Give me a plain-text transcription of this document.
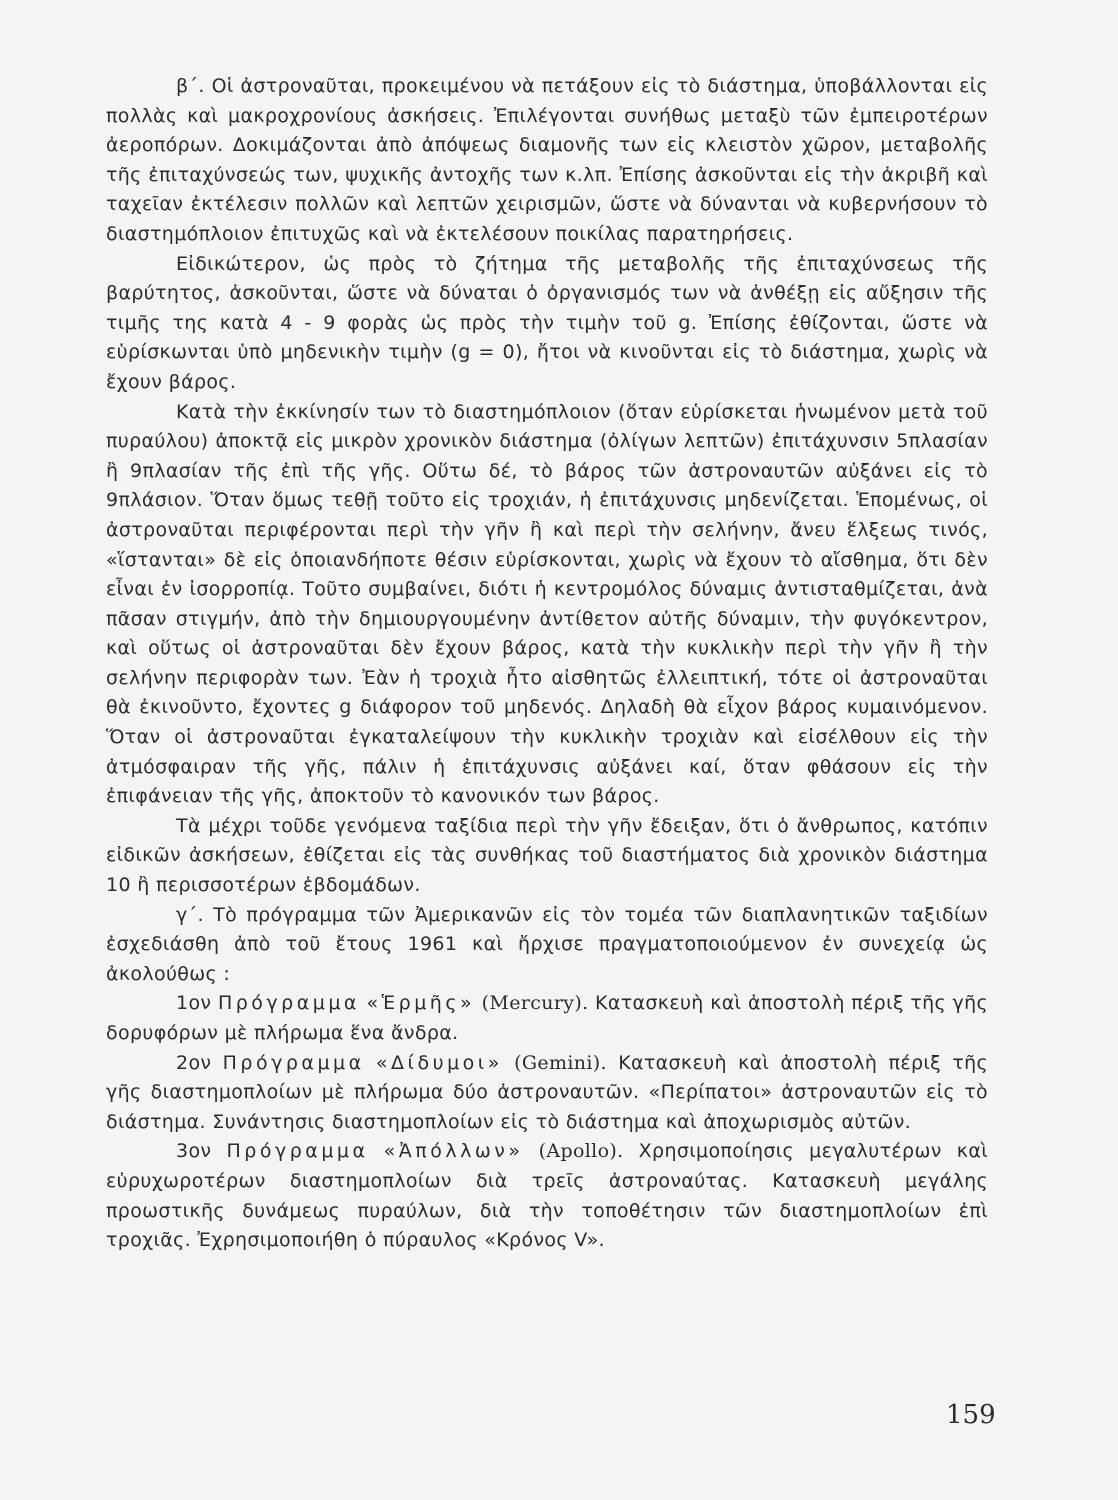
β΄. Οἱ ἀστροναῦται, προκειμένου νὰ πετάξουν εἰς τὸ διάστημα, ὑποβάλλονται εἰς πολλὰς καὶ μακροχρονίους ἀσκήσεις. Ἐπιλέγονται συνήθως μεταξὺ τῶν ἐμπειροτέρων ἀεροπόρων. Δοκιμάζονται ἀπὸ ἀπόψεως διαμονῆς των εἰς κλειστὸν χῶρον, μεταβολῆς τῆς ἐπιταχύνσεώς των, ψυχικῆς ἀντοχῆς των κ.λπ. Ἐπίσης ἀσκοῦνται εἰς τὴν ἀκριβῆ καὶ ταχεῖαν ἐκτέλεσιν πολλῶν καὶ λεπτῶν χειρισμῶν, ὥστε νὰ δύνανται νὰ κυβερνήσουν τὸ διαστημόπλοιον ἐπιτυχῶς καὶ νὰ ἐκτελέσουν ποικίλας παρατηρήσεις.

Εἰδικώτερον, ὡς πρὸς τὸ ζήτημα τῆς μεταβολῆς τῆς ἐπιταχύνσεως τῆς βαρύτητος, ἀσκοῦνται, ὥστε νὰ δύναται ὁ ὀργανισμός των νὰ ἀνθέξῃ εἰς αὔξησιν τῆς τιμῆς της κατὰ 4 - 9 φορὰς ὡς πρὸς τὴν τιμὴν τοῦ g. Ἐπίσης ἐθίζονται, ὥστε νὰ εὑρίσκωνται ὑπὸ μηδενικὴν τιμὴν (g = 0), ἤτοι νὰ κινοῦνται εἰς τὸ διάστημα, χωρὶς νὰ ἔχουν βάρος.

Κατὰ τὴν ἐκκίνησίν των τὸ διαστημόπλοιον (ὅταν εὑρίσκεται ἡνωμένον μετὰ τοῦ πυραύλου) ἀποκτᾷ εἰς μικρὸν χρονικὸν διάστημα (ὀλίγων λεπτῶν) ἐπιτάχυνσιν 5πλασίαν ἢ 9πλασίαν τῆς ἐπὶ τῆς γῆς. Οὕτω δέ, τὸ βάρος τῶν ἀστροναυτῶν αὐξάνει εἰς τὸ 9πλάσιον. Ὅταν ὅμως τεθῇ τοῦτο εἰς τροχιάν, ἡ ἐπιτάχυνσις μηδενίζεται. Ἑπομένως, οἱ ἀστροναῦται περιφέρονται περὶ τὴν γῆν ἢ καὶ περὶ τὴν σελήνην, ἄνευ ἕλξεως τινός, «ἵστανται» δὲ εἰς ὁποιανδήποτε θέσιν εὑρίσκονται, χωρὶς νὰ ἔχουν τὸ αἴσθημα, ὅτι δὲν εἶναι ἐν ἰσορροπίᾳ. Τοῦτο συμβαίνει, διότι ἡ κεντρομόλος δύναμις ἀντισταθμίζεται, ἀνὰ πᾶσαν στιγμήν, ἀπὸ τὴν δημιουργουμένην ἀντίθετον αὐτῆς δύναμιν, τὴν φυγόκεντρον, καὶ οὕτως οἱ ἀστροναῦται δὲν ἔχουν βάρος, κατὰ τὴν κυκλικὴν περὶ τὴν γῆν ἢ τὴν σελήνην περιφορὰν των. Ἐὰν ἡ τροχιὰ ἦτο αἰσθητῶς ἐλλειπτική, τότε οἱ ἀστροναῦται θὰ ἐκινοῦντο, ἔχοντες g διάφορον τοῦ μηδενός. Δηλαδὴ θὰ εἶχον βάρος κυμαινόμενον. Ὅταν οἱ ἀστροναῦται ἐγκαταλείψουν τὴν κυκλικὴν τροχιὰν καὶ εἰσέλθουν εἰς τὴν ἀτμόσφαιραν τῆς γῆς, πάλιν ἡ ἐπιτάχυνσις αὐξάνει καί, ὅταν φθάσουν εἰς τὴν ἐπιφάνειαν τῆς γῆς, ἀποκτοῦν τὸ κανονικόν των βάρος.

Τὰ μέχρι τοῦδε γενόμενα ταξίδια περὶ τὴν γῆν ἔδειξαν, ὅτι ὁ ἄνθρωπος, κατόπιν εἰδικῶν ἀσκήσεων, ἐθίζεται εἰς τὰς συνθήκας τοῦ διαστήματος διὰ χρονικὸν διάστημα 10 ἢ περισσοτέρων ἑβδομάδων.

γ΄. Τὸ πρόγραμμα τῶν Ἀμερικανῶν εἰς τὸν τομέα τῶν διαπλανητικῶν ταξιδίων ἐσχεδιάσθη ἀπὸ τοῦ ἔτους 1961 καὶ ἤρχισε πραγματοποιούμενον ἐν συνεχείᾳ ὡς ἀκολούθως :

1ον Πρόγραμμα «Ἑρμῆς» (Mercury). Κατασκευὴ καὶ ἀποστολὴ πέριξ τῆς γῆς δορυφόρων μὲ πλήρωμα ἕνα ἄνδρα.

2ον Πρόγραμμα «Δίδυμοι» (Gemini). Κατασκευὴ καὶ ἀποστολὴ πέριξ τῆς γῆς διαστημοπλοίων μὲ πλήρωμα δύο ἀστροναυτῶν. «Περίπατοι» ἀστροναυτῶν εἰς τὸ διάστημα. Συνάντησις διαστημοπλοίων εἰς τὸ διάστημα καὶ ἀποχωρισμὸς αὐτῶν.

3ον Πρόγραμμα «Ἀπόλλων» (Apollo). Χρησιμοποίησις μεγαλυτέρων καὶ εὐρυχωροτέρων διαστημοπλοίων διὰ τρεῖς ἀστροναύτας. Κατασκευὴ μεγάλης προωστικῆς δυνάμεως πυραύλων, διὰ τὴν τοποθέτησιν τῶν διαστημοπλοίων ἐπὶ τροχιᾶς. Ἐχρησιμοποιήθη ὁ πύραυλος «Κρόνος V».

159
